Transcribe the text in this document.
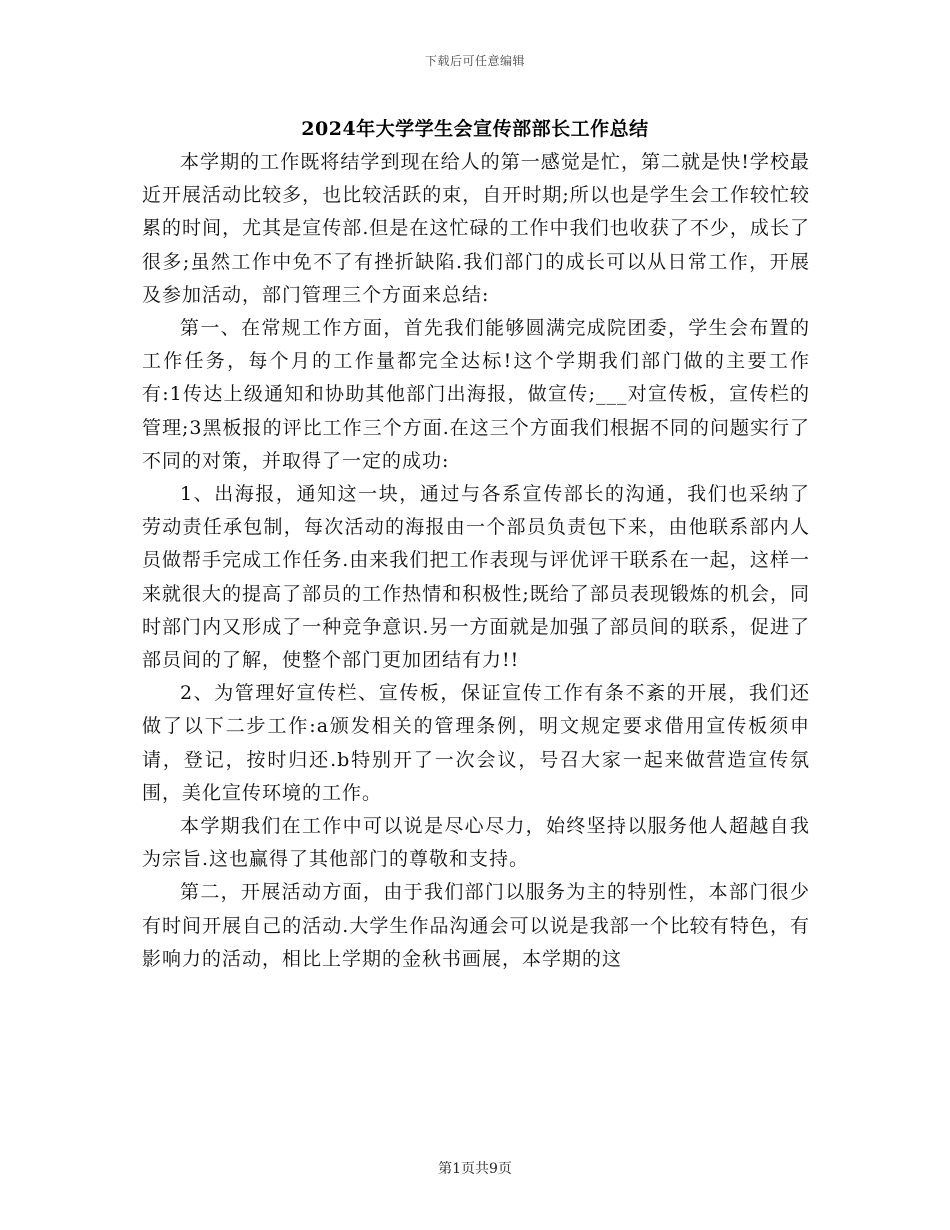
下载后可任意编辑
2024年大学学生会宣传部部长工作总结

本学期的工作既将结学到现在给人的第一感觉是忙，第二就是快!学校最近开展活动比较多，也比较活跃的束，自开时期;所以也是学生会工作较忙较累的时间，尤其是宣传部.但是在这忙碌的工作中我们也收获了不少，成长了很多;虽然工作中免不了有挫折缺陷.我们部门的成长可以从日常工作，开展及参加活动，部门管理三个方面来总结:

第一、在常规工作方面，首先我们能够圆满完成院团委，学生会布置的工作任务，每个月的工作量都完全达标!这个学期我们部门做的主要工作有:1传达上级通知和协助其他部门出海报，做宣传;___对宣传板，宣传栏的管理;3黑板报的评比工作三个方面.在这三个方面我们根据不同的问题实行了不同的对策，并取得了一定的成功:

1、出海报，通知这一块，通过与各系宣传部长的沟通，我们也采纳了劳动责任承包制，每次活动的海报由一个部员负责包下来，由他联系部内人员做帮手完成工作任务.由来我们把工作表现与评优评干联系在一起，这样一来就很大的提高了部员的工作热情和积极性;既给了部员表现锻炼的机会，同时部门内又形成了一种竞争意识.另一方面就是加强了部员间的联系，促进了部员间的了解，使整个部门更加团结有力!!

2、为管理好宣传栏、宣传板，保证宣传工作有条不紊的开展，我们还做了以下二步工作:a颁发相关的管理条例，明文规定要求借用宣传板须申请，登记，按时归还.b特别开了一次会议，号召大家一起来做营造宣传氛围，美化宣传环境的工作。

本学期我们在工作中可以说是尽心尽力，始终坚持以服务他人超越自我为宗旨.这也赢得了其他部门的尊敬和支持。

第二，开展活动方面，由于我们部门以服务为主的特别性，本部门很少有时间开展自己的活动.大学生作品沟通会可以说是我部一个比较有特色，有影响力的活动，相比上学期的金秋书画展，本学期的这

第1页共9页
